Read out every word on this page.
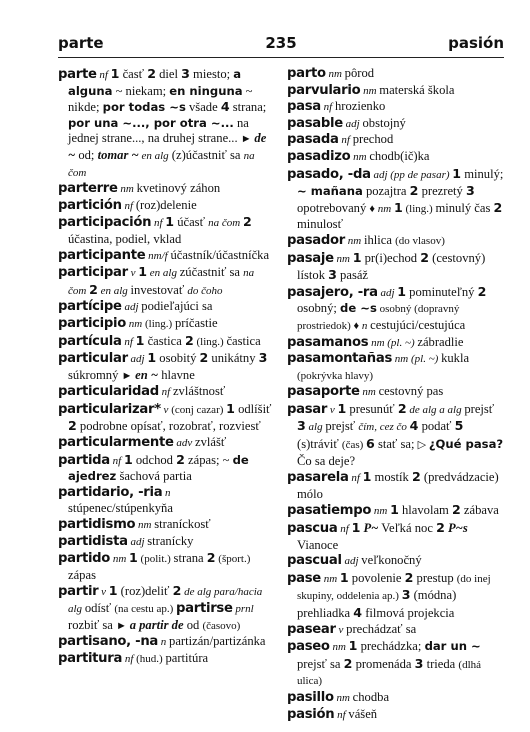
parte	235	pasión

parte nf 1 časť 2 diel 3 miesto; a alguna ~ niekam; en ninguna ~ nikde; por todas ~s všade 4 strana; por una ~..., por otra ~... na jednej strane..., na druhej strane... ► de ~ od; tomar ~ en alg (z)účastniť sa na čom

parterre nm kvetinový záhon

partición nf (roz)delenie

participación nf 1 účasť na čom 2 účastina, podiel, vklad

participante nm/f účastník/účastníčka

participar v 1 en alg zúčastniť sa na čom 2 en alg investovať do čoho

partícipe adj podieľajúci sa

participio nm (ling.) príčastie

partícula nf 1 častica 2 (ling.) častica

particular adj 1 osobitý 2 unikátny 3 súkromný ► en ~ hlavne

particularidad nf zvláštnosť

particularizar* v (conj cazar) 1 odlíšiť 2 podrobne opísať, rozobrať, rozviesť

particularmente adv zvlášť

partida nf 1 odchod 2 zápas; ~ de ajedrez šachová partia

partidario, -ria n stúpenec/stúpenkyňa

partidismo nm straníckosť

partidista adj stranícky

partido nm 1 (polit.) strana 2 (šport.) zápas

partir v 1 (roz)deliť 2 de alg para/hacia alg odísť (na cestu ap.) partirse prnl rozbiť sa ► a partir de od (časovo)

partisano, -na n partizán/partizánka

partitura nf (hud.) partitúra

parto nm pôrod

parvulario nm materská škola

pasa nf hrozienko

pasable adj obstojný

pasada nf prechod

pasadizo nm chodb(ič)ka

pasado, -da adj (pp de pasar) 1 minulý; ~ mañana pozajtra 2 prezretý 3 opotrebovaný ♦ nm 1 (ling.) minulý čas 2 minulosť

pasador nm ihlica (do vlasov)

pasaje nm 1 pr(i)echod 2 (cestovný) lístok 3 pasáž

pasajero, -ra adj 1 pominuteľný 2 osobný; de ~s osobný (dopravný prostriedok) ♦ n cestujúci/cestujúca

pasamanos nm (pl. ~) zábradlie

pasamontañas nm (pl. ~) kukla (pokrývka hlavy)

pasaporte nm cestovný pas

pasar v 1 presunúť 2 de alg a alg prejsť 3 alg prejsť čím, cez čo 4 podať 5 (s)tráviť (čas) 6 stať sa; ▷ ¿Qué pasa? Čo sa deje?

pasarela nf 1 mostík 2 (predvádzacie) mólo

pasatiempo nm 1 hlavolam 2 zábava

pascua nf 1 P~ Veľká noc 2 P~s Vianoce

pascual adj veľkonočný

pase nm 1 povolenie 2 prestup (do inej skupiny, oddelenia ap.) 3 (módna) prehliadka 4 filmová projekcia

pasear v prechádzať sa

paseo nm 1 prechádzka; dar un ~ prejsť sa 2 promenáda 3 trieda (dlhá ulica)

pasillo nm chodba

pasión nf vášeň
